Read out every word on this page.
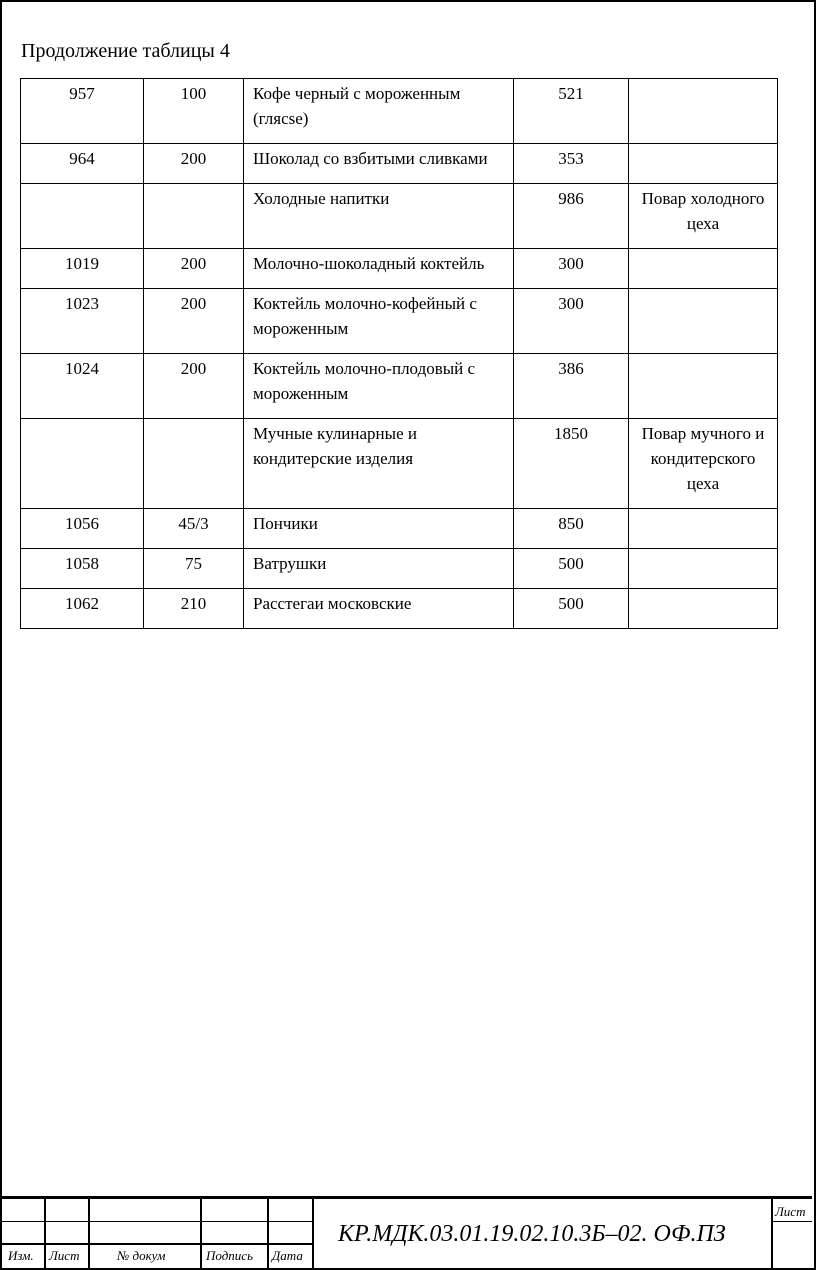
Продолжение таблицы 4
957	100	Кофе черный с мороженным (глясse)	521	
964	200	Шоколад со взбитыми сливками	353	
		Холодные напитки	986	Повар холодного цеха
1019	200	Молочно-шоколадный коктейль	300	
1023	200	Коктейль молочно-кофейный с мороженным	300	
1024	200	Коктейль молочно-плодовый с мороженным	386	
		Мучные кулинарные и кондитерские изделия	1850	Повар мучного и кондитерского цеха
1056	45/3	Пончики	850	
1058	75	Ватрушки	500	
1062	210	Расстегаи московские	500	
Изм. Лист	№ докум	Подпись Дата
КР.МДК.03.01.19.02.10.3Б–02. ОФ.ПЗ
Лист
